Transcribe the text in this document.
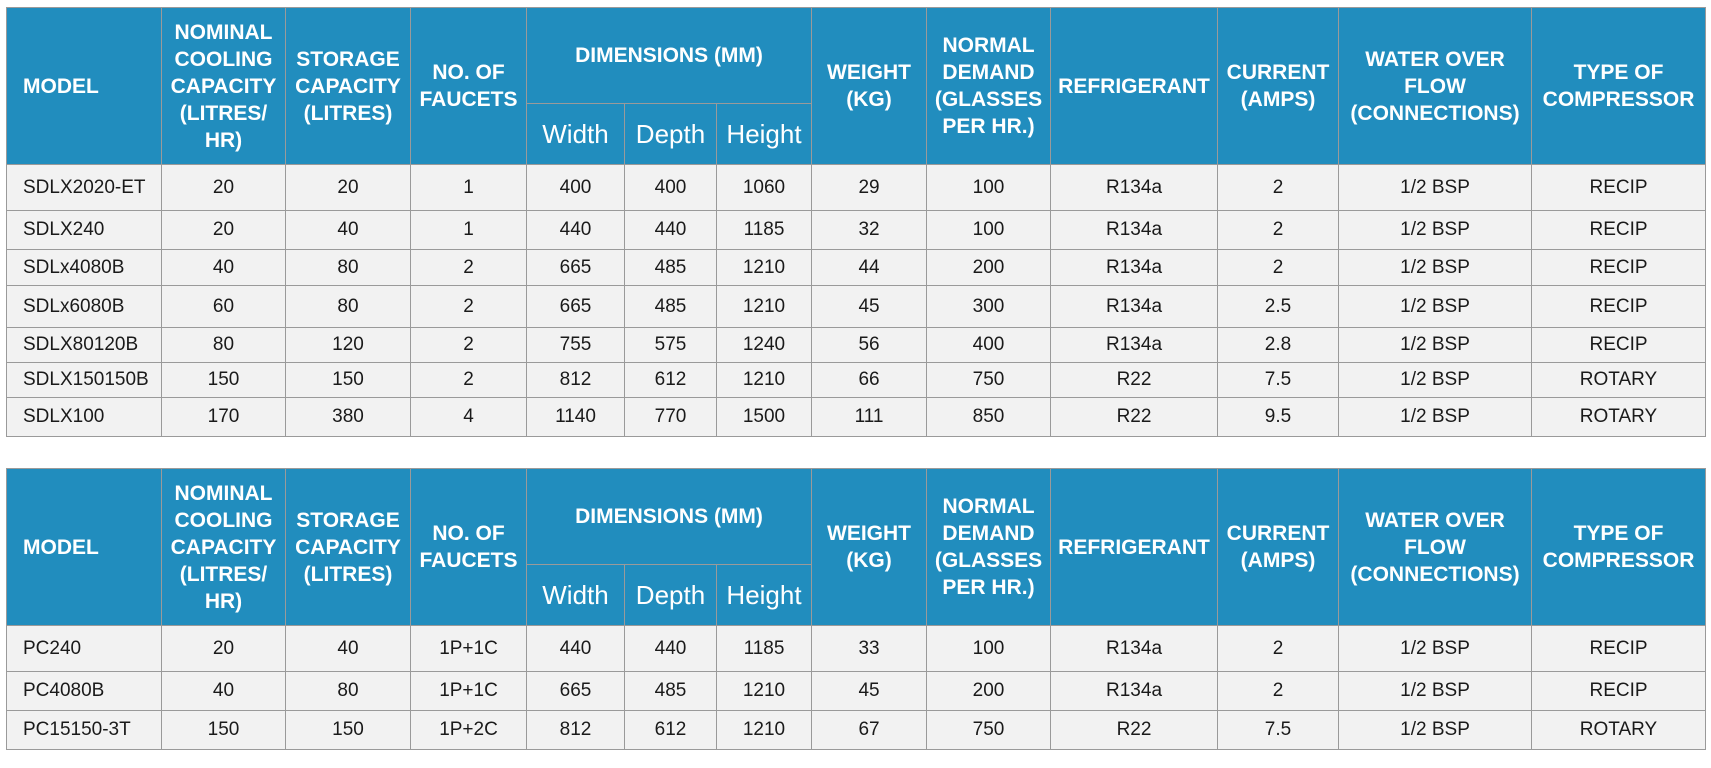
MODEL	NOMINAL COOLING CAPACITY (LITRES/ HR)	STORAGE CAPACITY (LITRES)	NO. OF FAUCETS	DIMENSIONS (MM)			WEIGHT (KG)	NORMAL DEMAND (GLASSES PER HR.)	REFRIGERANT	CURRENT (AMPS)	WATER OVER FLOW (CONNECTIONS)	TYPE OF COMPRESSOR
				Width	Depth	Height						
SDLX2020-ET	20	20	1	400	400	1060	29	100	R134a	2	1/2 BSP	RECIP
SDLX240	20	40	1	440	440	1185	32	100	R134a	2	1/2 BSP	RECIP
SDLx4080B	40	80	2	665	485	1210	44	200	R134a	2	1/2 BSP	RECIP
SDLx6080B	60	80	2	665	485	1210	45	300	R134a	2.5	1/2 BSP	RECIP
SDLX80120B	80	120	2	755	575	1240	56	400	R134a	2.8	1/2 BSP	RECIP
SDLX150150B	150	150	2	812	612	1210	66	750	R22	7.5	1/2 BSP	ROTARY
SDLX100	170	380	4	1140	770	1500	111	850	R22	9.5	1/2 BSP	ROTARY
MODEL	NOMINAL COOLING CAPACITY (LITRES/ HR)	STORAGE CAPACITY (LITRES)	NO. OF FAUCETS	DIMENSIONS (MM)			WEIGHT (KG)	NORMAL DEMAND (GLASSES PER HR.)	REFRIGERANT	CURRENT (AMPS)	WATER OVER FLOW (CONNECTIONS)	TYPE OF COMPRESSOR
				Width	Depth	Height						
PC240	20	40	1P+1C	440	440	1185	33	100	R134a	2	1/2 BSP	RECIP
PC4080B	40	80	1P+1C	665	485	1210	45	200	R134a	2	1/2 BSP	RECIP
PC15150-3T	150	150	1P+2C	812	612	1210	67	750	R22	7.5	1/2 BSP	ROTARY
